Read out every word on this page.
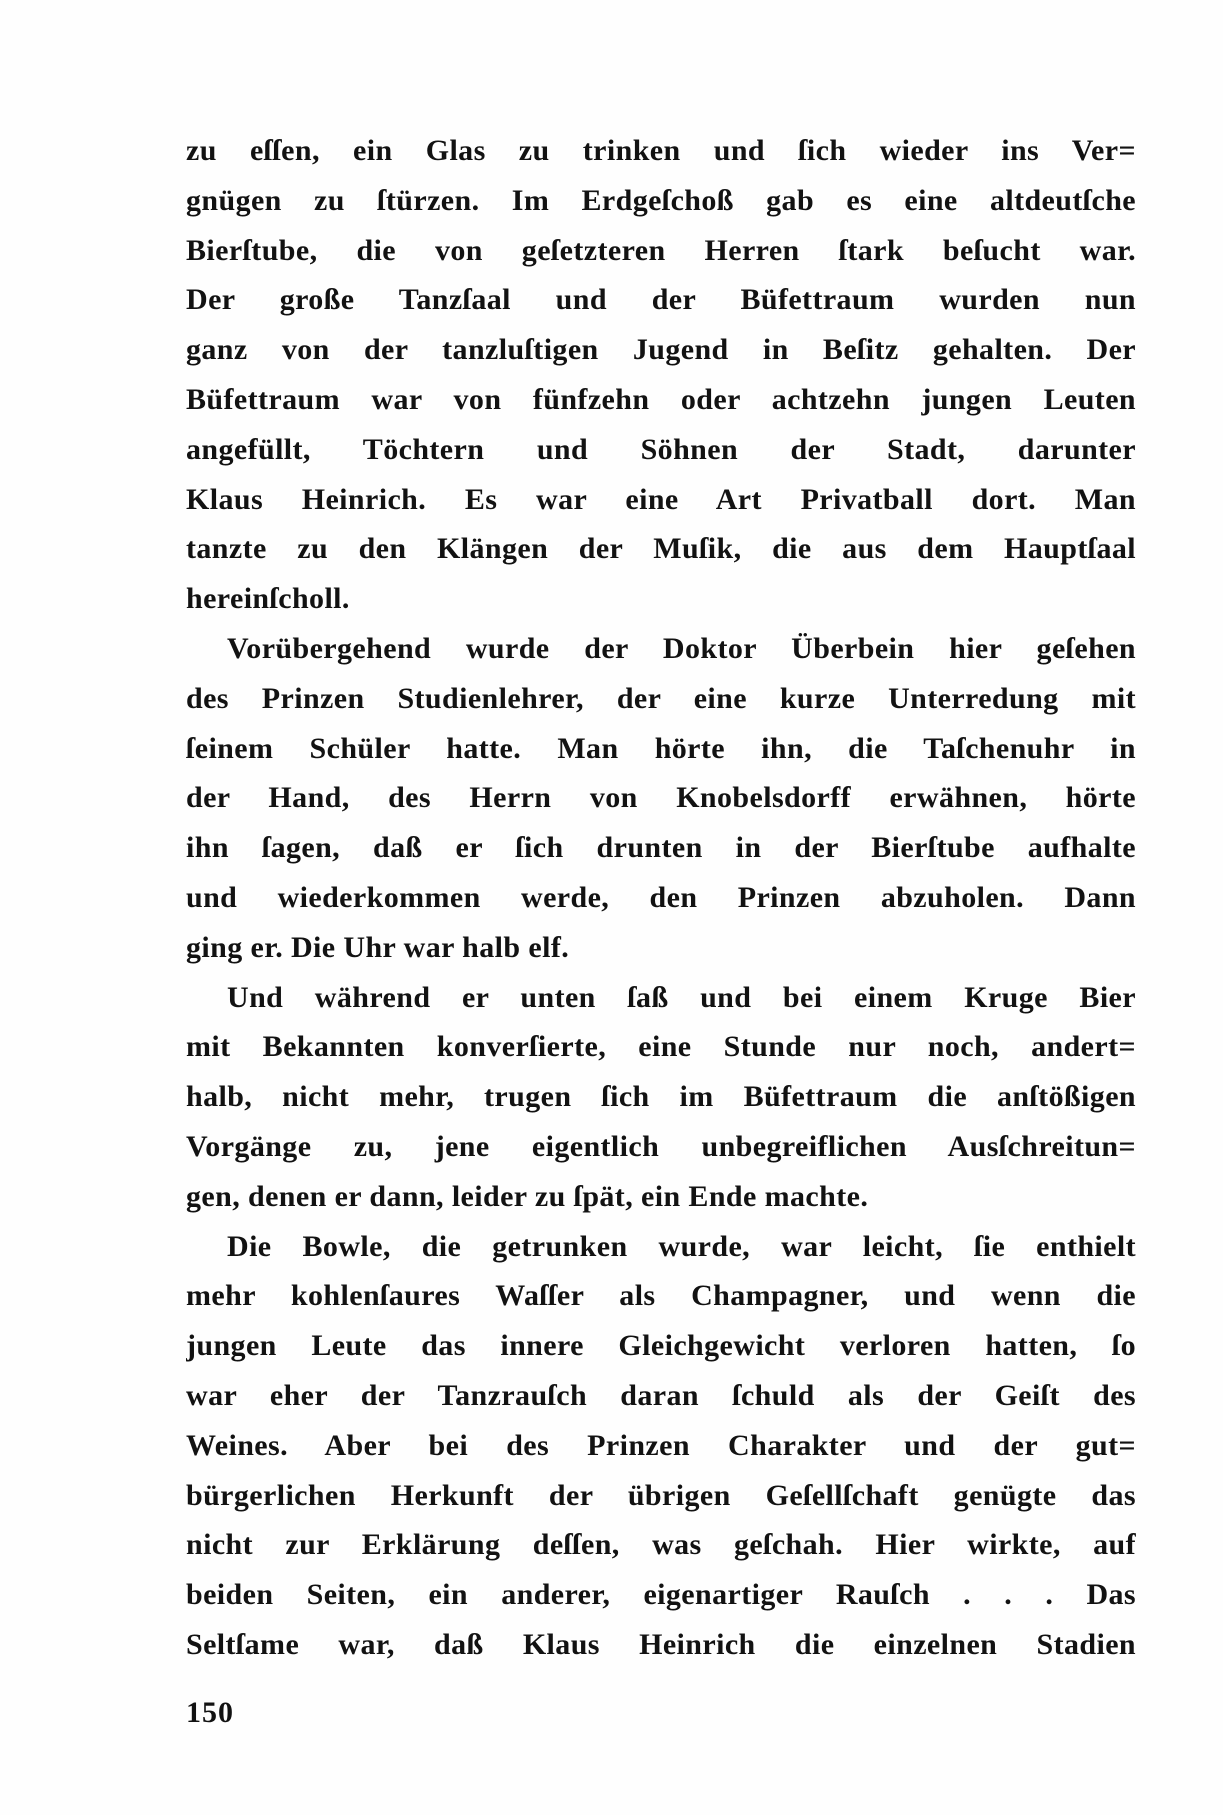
zu eſſen, ein Glas zu trinken und ſich wieder ins Ver=
gnügen zu ſtürzen. Im Erdgeſchoß gab es eine altdeutſche
Bierſtube, die von geſetzteren Herren ſtark beſucht war.
Der große Tanzſaal und der Büfettraum wurden nun
ganz von der tanzluſtigen Jugend in Beſitz gehalten. Der
Büfettraum war von fünfzehn oder achtzehn jungen Leuten
angefüllt, Töchtern und Söhnen der Stadt, darunter
Klaus Heinrich. Es war eine Art Privatball dort. Man
tanzte zu den Klängen der Muſik, die aus dem Hauptſaal
hereinſcholl.
Vorübergehend wurde der Doktor Überbein hier geſehen
des Prinzen Studienlehrer, der eine kurze Unterredung mit
ſeinem Schüler hatte. Man hörte ihn, die Taſchenuhr in
der Hand, des Herrn von Knobelsdorff erwähnen, hörte
ihn ſagen, daß er ſich drunten in der Bierſtube aufhalte
und wiederkommen werde, den Prinzen abzuholen. Dann
ging er. Die Uhr war halb elf.
Und während er unten ſaß und bei einem Kruge Bier
mit Bekannten konverſierte, eine Stunde nur noch, andert=
halb, nicht mehr, trugen ſich im Büfettraum die anſtößigen
Vorgänge zu, jene eigentlich unbegreiflichen Ausſchreitun=
gen, denen er dann, leider zu ſpät, ein Ende machte.
Die Bowle, die getrunken wurde, war leicht, ſie enthielt
mehr kohlenſaures Waſſer als Champagner, und wenn die
jungen Leute das innere Gleichgewicht verloren hatten, ſo
war eher der Tanzrauſch daran ſchuld als der Geiſt des
Weines. Aber bei des Prinzen Charakter und der gut=
bürgerlichen Herkunft der übrigen Geſellſchaft genügte das
nicht zur Erklärung deſſen, was geſchah. Hier wirkte, auf
beiden Seiten, ein anderer, eigenartiger Rauſch . . . Das
Seltſame war, daß Klaus Heinrich die einzelnen Stadien
150
